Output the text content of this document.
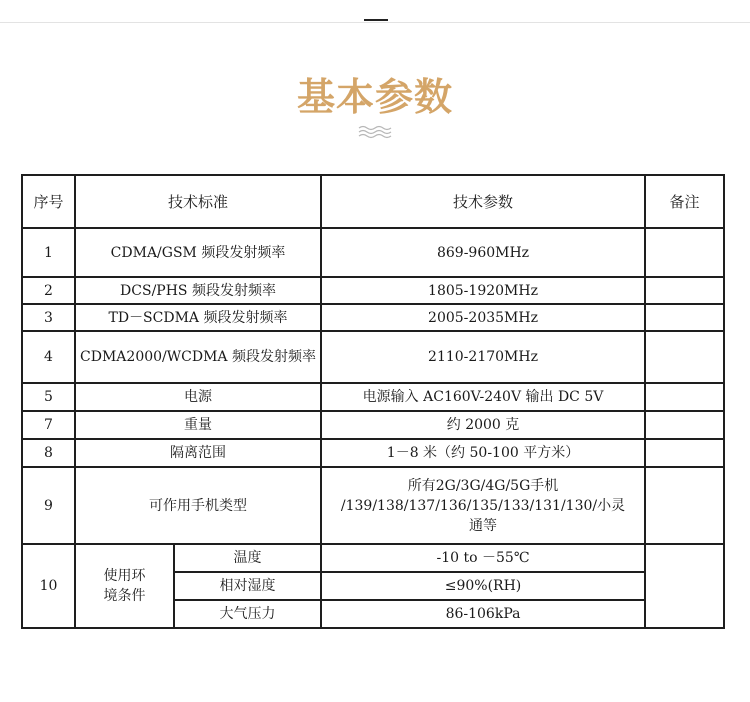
基本参数
序号	技术标准		技术参数	备注
1	CDMA/GSM 频段发射频率		869-960MHz	
2	DCS/PHS 频段发射频率		1805-1920MHz	
3	TD－SCDMA 频段发射频率		2005-2035MHz	
4	CDMA2000/WCDMA 频段发射频率		2110-2170MHz	
5	电源		电源输入 AC160V-240V 输出 DC 5V	
7	重量		约 2000 克	
8	隔离范围		1－8 米（约 50-100 平方米）	
9	可作用手机类型		所有2G/3G/4G/5G手机
/139/138/137/136/135/133/131/130/小灵
通等	

10	使用环
境条件	温度	-10 to －55℃	
		相对湿度	≤90%(RH)	
		大气压力	86-106kPa	
